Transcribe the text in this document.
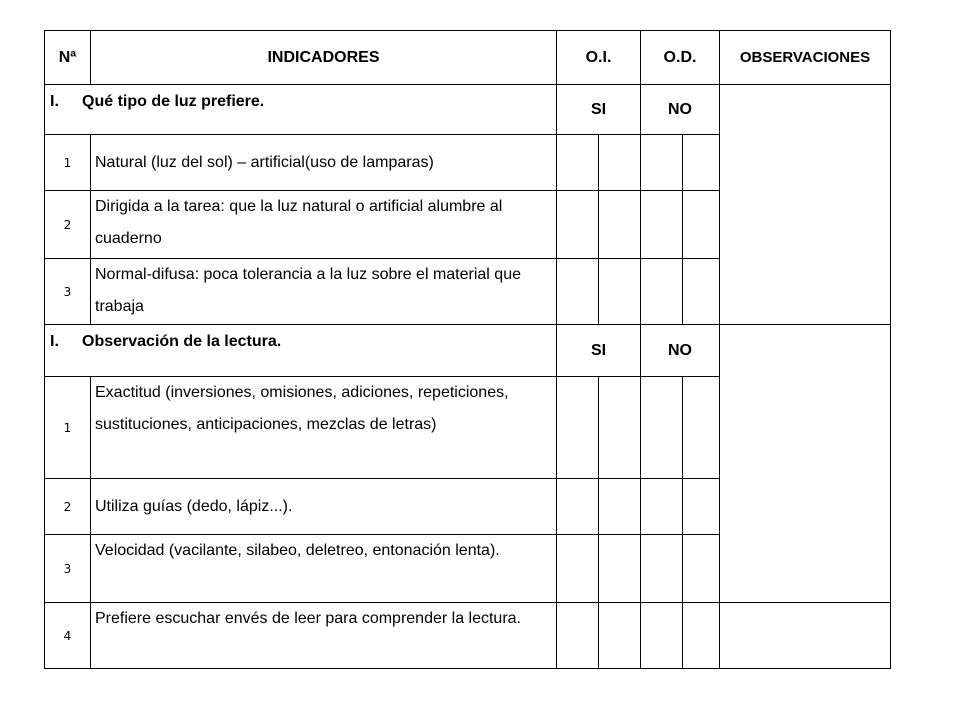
Nª	INDICADORES	O.I.		O.D.		OBSERVACIONES
I. Qué tipo de luz prefiere.		SI		NO		
1	Natural (luz del sol) – artificial(uso de lamparas)					
2	Dirigida a la tarea: que la luz natural o artificial alumbre al cuaderno					
3	Normal-difusa: poca tolerancia a la luz sobre el material que trabaja					
I. Observación de la lectura.		SI		NO		
1	Exactitud (inversiones, omisiones, adiciones, repeticiones, sustituciones, anticipaciones, mezclas de letras)					
2	Utiliza guías (dedo, lápiz...).					
3	Velocidad (vacilante, silabeo, deletreo, entonación lenta).					
4	Prefiere escuchar envés de leer para comprender la lectura.					
